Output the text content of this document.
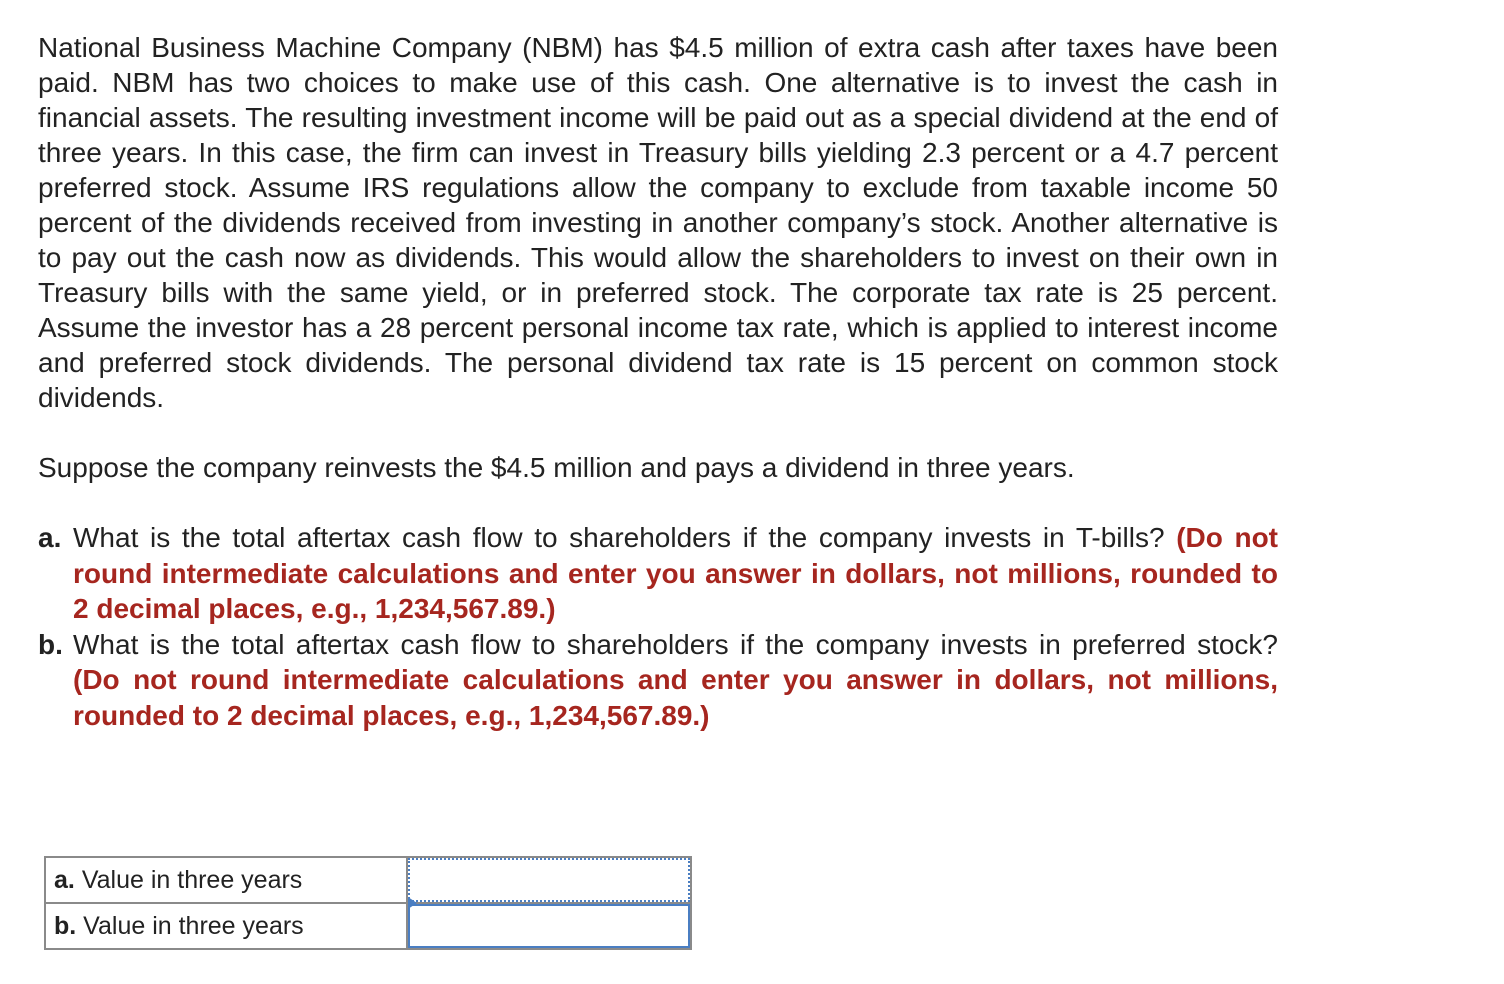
National Business Machine Company (NBM) has $4.5 million of extra cash after taxes have been paid. NBM has two choices to make use of this cash. One alternative is to invest the cash in financial assets. The resulting investment income will be paid out as a special dividend at the end of three years. In this case, the firm can invest in Treasury bills yielding 2.3 percent or a 4.7 percent preferred stock. Assume IRS regulations allow the company to exclude from taxable income 50 percent of the dividends received from investing in another company’s stock. Another alternative is to pay out the cash now as dividends. This would allow the shareholders to invest on their own in Treasury bills with the same yield, or in preferred stock. The corporate tax rate is 25 percent. Assume the investor has a 28 percent personal income tax rate, which is applied to interest income and preferred stock dividends. The personal dividend tax rate is 15 percent on common stock dividends.

Suppose the company reinvests the $4.5 million and pays a dividend in three years.

a. What is the total aftertax cash flow to shareholders if the company invests in T-bills? (Do not round intermediate calculations and enter you answer in dollars, not millions, rounded to 2 decimal places, e.g., 1,234,567.89.)
b. What is the total aftertax cash flow to shareholders if the company invests in preferred stock? (Do not round intermediate calculations and enter you answer in dollars, not millions, rounded to 2 decimal places, e.g., 1,234,567.89.)
a. Value in three years	

b. Value in three years	
